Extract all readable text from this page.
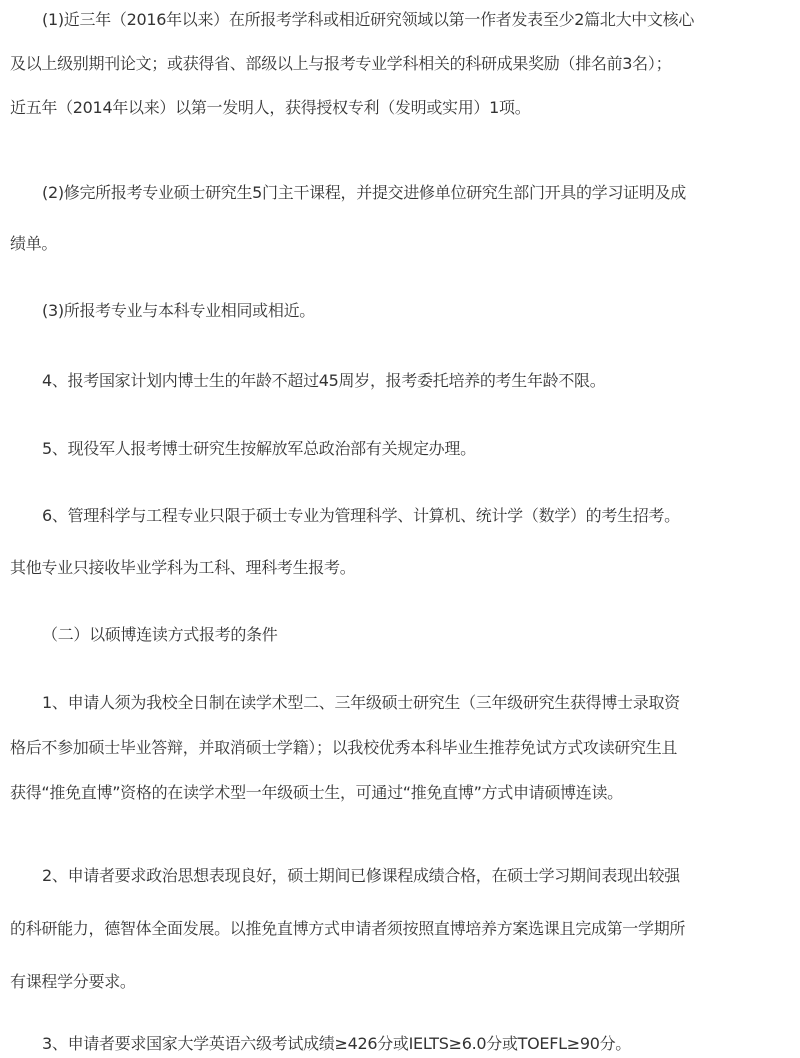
(1)近三年（2016年以来）在所报考学科或相近研究领域以第一作者发表至少2篇北大中文核心
及以上级别期刊论文；或获得省、部级以上与报考专业学科相关的科研成果奖励（排名前3名）；
近五年（2014年以来）以第一发明人，获得授权专利（发明或实用）1项。
(2)修完所报考专业硕士研究生5门主干课程，并提交进修单位研究生部门开具的学习证明及成
绩单。
(3)所报考专业与本科专业相同或相近。
4、报考国家计划内博士生的年龄不超过45周岁，报考委托培养的考生年龄不限。
5、现役军人报考博士研究生按解放军总政治部有关规定办理。
6、管理科学与工程专业只限于硕士专业为管理科学、计算机、统计学（数学）的考生招考。
其他专业只接收毕业学科为工科、理科考生报考。
（二）以硕博连读方式报考的条件
1、申请人须为我校全日制在读学术型二、三年级硕士研究生（三年级研究生获得博士录取资
格后不参加硕士毕业答辩，并取消硕士学籍）；以我校优秀本科毕业生推荐免试方式攻读研究生且
获得“推免直博”资格的在读学术型一年级硕士生，可通过“推免直博”方式申请硕博连读。
2、申请者要求政治思想表现良好，硕士期间已修课程成绩合格，在硕士学习期间表现出较强
的科研能力，德智体全面发展。以推免直博方式申请者须按照直博培养方案选课且完成第一学期所
有课程学分要求。
3、申请者要求国家大学英语六级考试成绩≥426分或IELTS≥6.0分或TOEFL≥90分。
